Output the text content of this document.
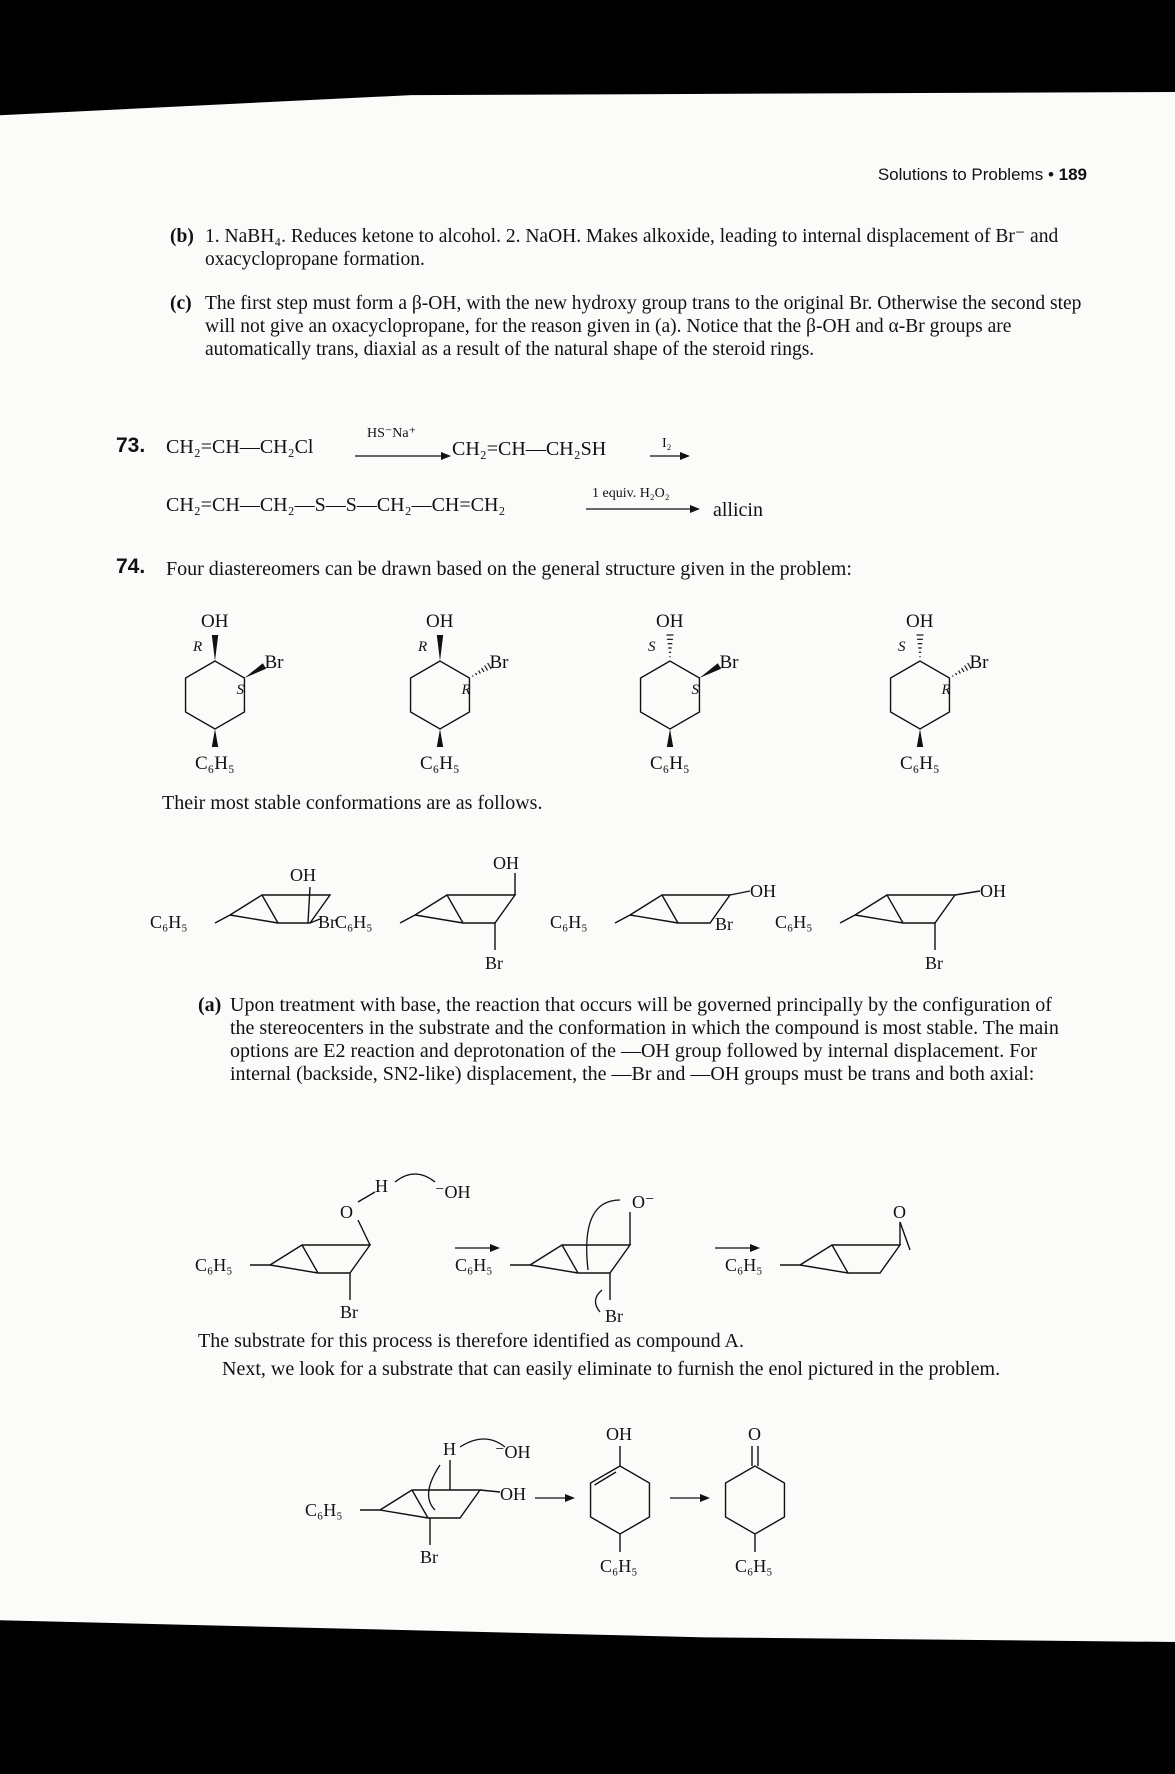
Solutions to Problems • 189
(b) 1. NaBH₄. Reduces ketone to alcohol. 2. NaOH. Makes alkoxide, leading to internal displacement of Br⁻ and oxacyclopropane formation.
(c) The first step must form a β-OH, with the new hydroxy group trans to the original Br. Otherwise the second step will not give an oxacyclopropane, for the reason given in (a). Notice that the β-OH and α-Br groups are automatically trans, diaxial as a result of the natural shape of the steroid rings.
73. CH₂=CH—CH₂Cl
HS⁻Na⁺
CH₂=CH—CH₂SH	I₂
CH₂=CH—CH₂—S—S—CH₂—CH=CH₂
1 equiv. H₂O₂
allicin
74. Four diastereomers can be drawn based on the general structure given in the problem:
OH
R
Br
S
C₆H₅
OH
R
Br
R
C₆H₅
OH
S
Br
S
C₆H₅
OH
S
Br
R
C₆H₅
Their most stable conformations are as follows.
C₆H₅
OH
Br C₆H₅
OH
Br
C₆H₅
OH
Br C₆H₅
OH
Br
(a) Upon treatment with base, the reaction that occurs will be governed principally by the configuration of the stereocenters in the substrate and the conformation in which the compound is most stable. The main options are E2 reaction and deprotonation of the —OH group followed by internal displacement. For internal (backside, SN2-like) displacement, the —Br and —OH groups must be trans and both axial:
C₆H₅
O
H	⁻OH
Br
C₆H₅
O⁻
Br
C₆H₅
O
The substrate for this process is therefore identified as compound A.
Next, we look for a substrate that can easily eliminate to furnish the enol pictured in the problem.
C₆H₅
H ⁻OH
OH
Br
OH
C₆H₅
O
C₆H₅
